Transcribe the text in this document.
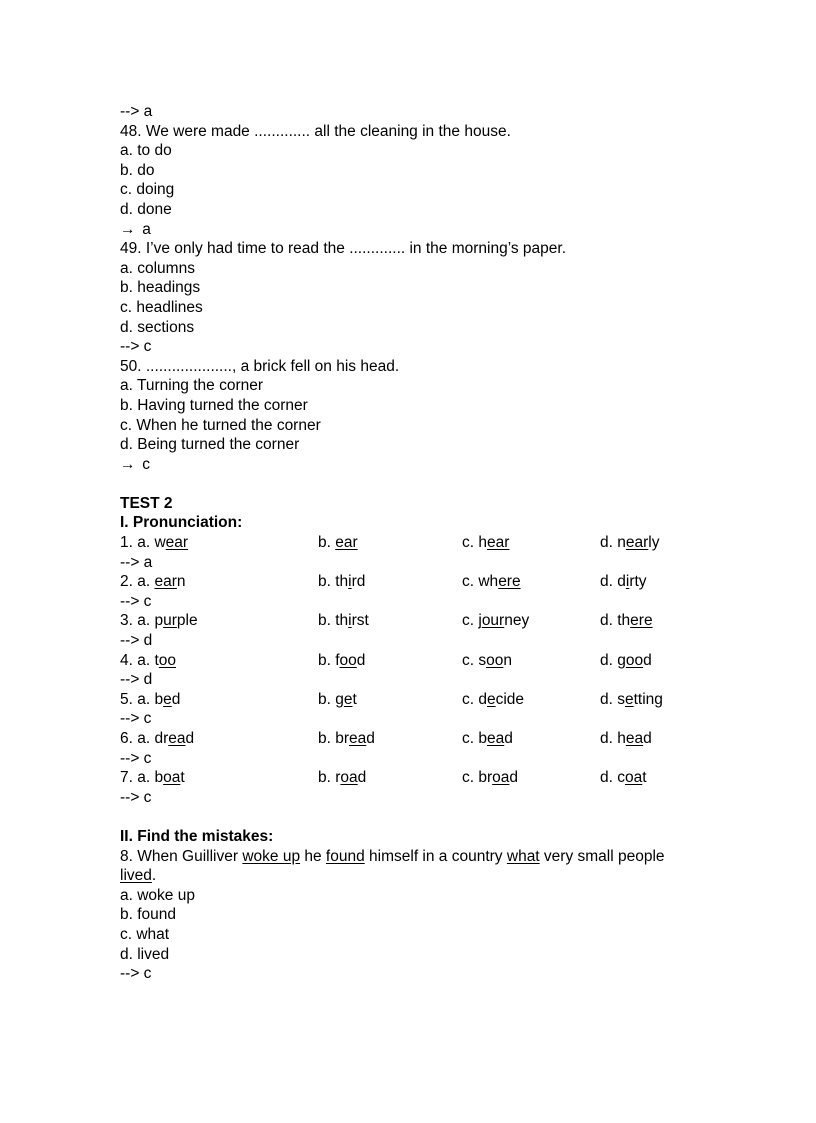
--> a
48. We were made ............. all the cleaning in the house.
a. to do
b. do
c. doing
d. done
→ a
49. I’ve only had time to read the ............. in the morning’s paper.
a. columns
b. headings
c. headlines
d. sections
--> c
50. ...................., a brick fell on his head.
a. Turning the corner
b. Having turned the corner
c. When he turned the corner
d. Being turned the corner
→ c
TEST 2
I. Pronunciation:
1. a. wear	b. ear	c. hear	d. nearly
--> a
2. a. earn	b. third	c. where	d. dirty
--> c
3. a. purple	b. thirst	c. journey	d. there
--> d
4. a. too	b. food	c. soon	d. good
--> d
5. a. bed	b. get	c. decide	d. setting
--> c
6. a. dread	b. bread	c. bead	d. head
--> c
7. a. boat	b. road	c. broad	d. coat
--> c
II. Find the mistakes:
8. When Guilliver woke up he found himself in a country what very small people
lived.
a. woke up
b. found
c. what
d. lived
--> c
